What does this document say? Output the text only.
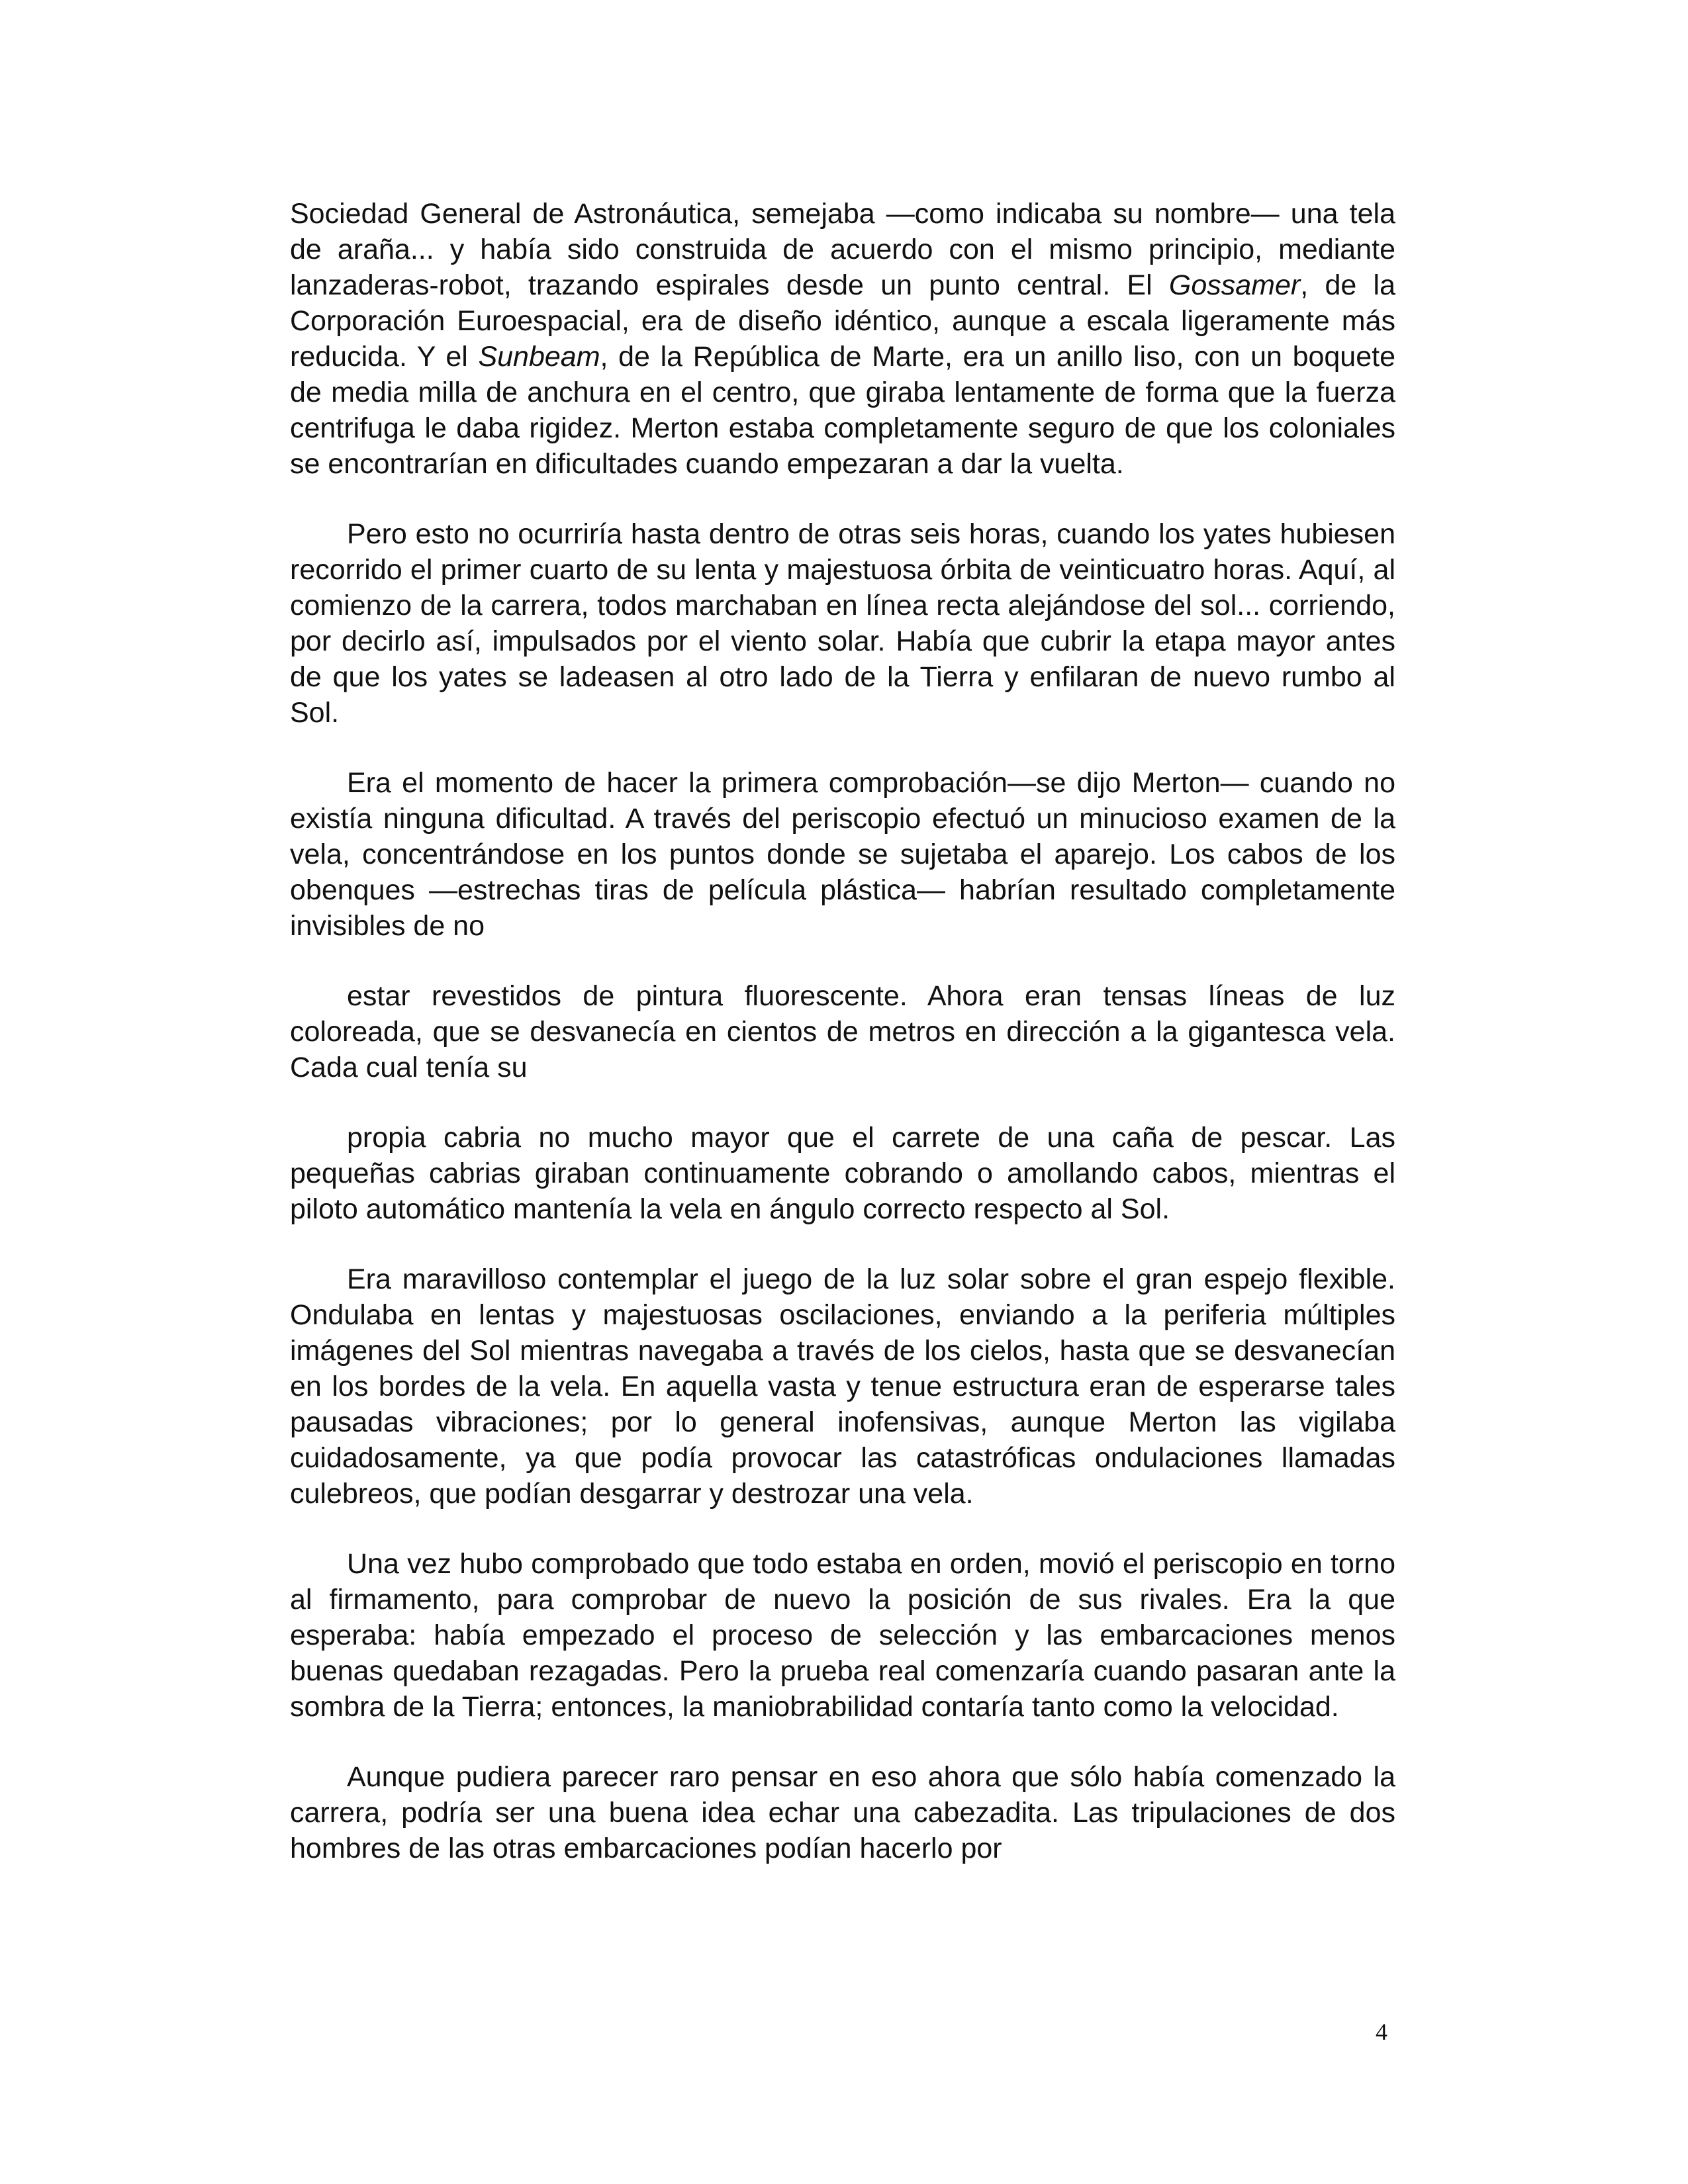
Sociedad General de Astronáutica, semejaba —como indicaba su nombre— una tela de araña... y había sido construida de acuerdo con el mismo principio, mediante lanzaderas-robot, trazando espirales desde un punto central. El Gossamer, de la Corporación Euroespacial, era de diseño idéntico, aunque a escala ligeramente más reducida. Y el Sunbeam, de la República de Marte, era un anillo liso, con un boquete de media milla de anchura en el centro, que giraba lentamente de forma que la fuerza centrifuga le daba rigidez. Merton estaba completamente seguro de que los coloniales se encontrarían en dificultades cuando empezaran a dar la vuelta.

Pero esto no ocurriría hasta dentro de otras seis horas, cuando los yates hubiesen recorrido el primer cuarto de su lenta y majestuosa órbita de veinticuatro horas. Aquí, al comienzo de la carrera, todos marchaban en línea recta alejándose del sol... corriendo, por decirlo así, impulsados por el viento solar. Había que cubrir la etapa mayor antes de que los yates se ladeasen al otro lado de la Tierra y enfilaran de nuevo rumbo al Sol.

Era el momento de hacer la primera comprobación—se dijo Merton— cuando no existía ninguna dificultad. A través del periscopio efectuó un minucioso examen de la vela, concentrándose en los puntos donde se sujetaba el aparejo. Los cabos de los obenques —estrechas tiras de película plástica— habrían resultado completamente invisibles de no

estar revestidos de pintura fluorescente. Ahora eran tensas líneas de luz coloreada, que se desvanecía en cientos de metros en dirección a la gigantesca vela. Cada cual tenía su

propia cabria no mucho mayor que el carrete de una caña de pescar. Las pequeñas cabrias giraban continuamente cobrando o amollando cabos, mientras el piloto automático mantenía la vela en ángulo correcto respecto al Sol.

Era maravilloso contemplar el juego de la luz solar sobre el gran espejo flexible. Ondulaba en lentas y majestuosas oscilaciones, enviando a la periferia múltiples imágenes del Sol mientras navegaba a través de los cielos, hasta que se desvanecían en los bordes de la vela. En aquella vasta y tenue estructura eran de esperarse tales pausadas vibraciones; por lo general inofensivas, aunque Merton las vigilaba cuidadosamente, ya que podía provocar las catastróficas ondulaciones llamadas culebreos, que podían desgarrar y destrozar una vela.

Una vez hubo comprobado que todo estaba en orden, movió el periscopio en torno al firmamento, para comprobar de nuevo la posición de sus rivales. Era la que esperaba: había empezado el proceso de selección y las embarcaciones menos buenas quedaban rezagadas. Pero la prueba real comenzaría cuando pasaran ante la sombra de la Tierra; entonces, la maniobrabilidad contaría tanto como la velocidad.

Aunque pudiera parecer raro pensar en eso ahora que sólo había comenzado la carrera, podría ser una buena idea echar una cabezadita. Las tripulaciones de dos hombres de las otras embarcaciones podían hacerlo por

4
